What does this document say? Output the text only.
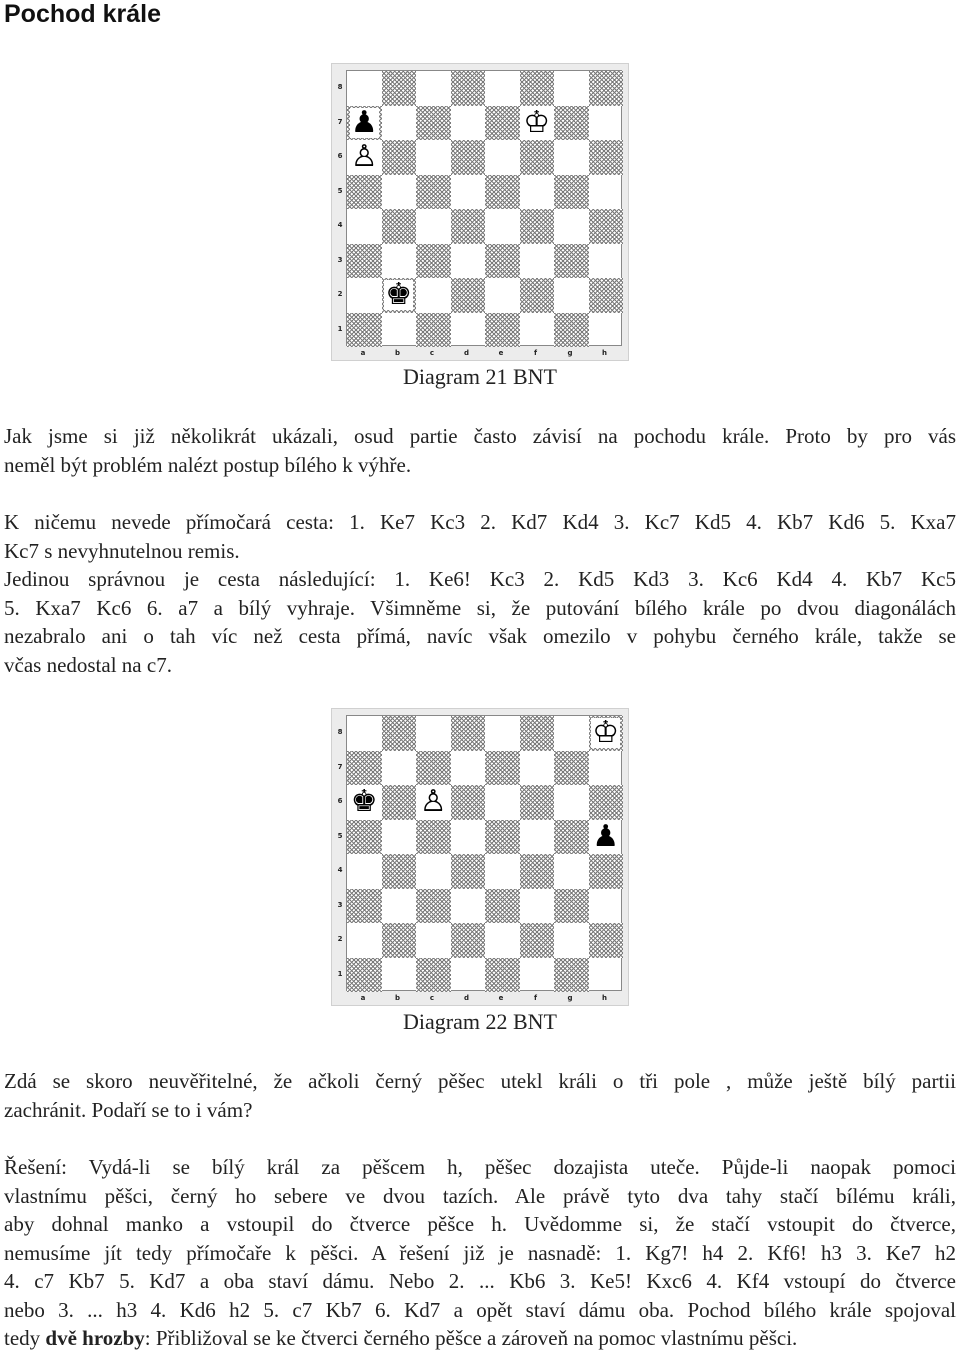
Pochod krále
♟	♔
♙
♚
8
7
6
5
4
3
2
1
a	b	c	d	e	f	g	h
Diagram 21 BNT

Jak jsme si již několikrát ukázali, osud partie často závisí na pochodu krále. Proto by pro vás
neměl být problém nalézt postup bílého k výhře.

K ničemu nevede přímočará cesta: 1. Ke7 Kc3 2. Kd7 Kd4 3. Kc7 Kd5 4. Kb7 Kd6 5. Kxa7
Kc7 s nevyhnutelnou remis.
Jedinou správnou je cesta následující: 1. Ke6! Kc3 2. Kd5 Kd3 3. Kc6 Kd4 4. Kb7 Kc5
5. Kxa7 Kc6 6. a7 a bílý vyhraje. Všimněme si, že putování bílého krále po dvou diagonálách
nezabralo ani o tah víc než cesta přímá, navíc však omezilo v pohybu černého krále, takže se
včas nedostal na c7.

♔
♚ ♙
♟
8
7
6
5
4
3
2
1
a	b	c	d	e	f	g	h
Diagram 22 BNT

Zdá se skoro neuvěřitelné, že ačkoli černý pěšec utekl králi o tři pole , může ještě bílý partii
zachránit. Podaří se to i vám?

Řešení: Vydá-li se bílý král za pěšcem h, pěšec dozajista uteče. Půjde-li naopak pomoci
vlastnímu pěšci, černý ho sebere ve dvou tazích. Ale právě tyto dva tahy stačí bílému králi,
aby dohnal manko a vstoupil do čtverce pěšce h. Uvědomme si, že stačí vstoupit do čtverce,
nemusíme jít tedy přímočaře k pěšci. A řešení již je nasnadě: 1. Kg7! h4 2. Kf6! h3 3. Ke7 h2
4. c7 Kb7 5. Kd7 a oba staví dámu. Nebo 2. ... Kb6 3. Ke5! Kxc6 4. Kf4 vstoupí do čtverce
nebo 3. ... h3 4. Kd6 h2 5. c7 Kb7 6. Kd7 a opět staví dámu oba. Pochod bílého krále spojoval
tedy dvě hrozby: Přibližoval se ke čtverci černého pěšce a zároveň na pomoc vlastnímu pěšci.
